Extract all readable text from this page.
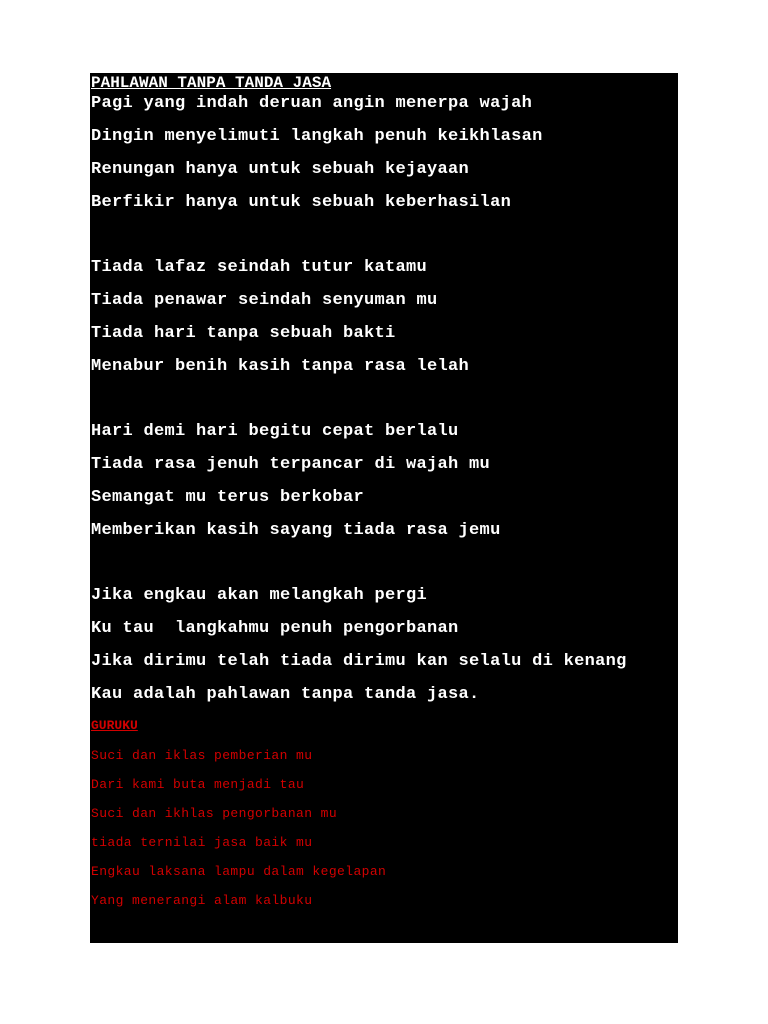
PAHLAWAN TANPA TANDA JASA
Pagi yang indah deruan angin menerpa wajah
Dingin menyelimuti langkah penuh keikhlasan
Renungan hanya untuk sebuah kejayaan
Berfikir hanya untuk sebuah keberhasilan
Tiada lafaz seindah tutur katamu
Tiada penawar seindah senyuman mu
Tiada hari tanpa sebuah bakti
Menabur benih kasih tanpa rasa lelah
Hari demi hari begitu cepat berlalu
Tiada rasa jenuh terpancar di wajah mu
Semangat mu terus berkobar
Memberikan kasih sayang tiada rasa jemu
Jika engkau akan melangkah pergi
Ku tau  langkahmu penuh pengorbanan
Jika dirimu telah tiada dirimu kan selalu di kenang
Kau adalah pahlawan tanpa tanda jasa.
GURUKU
Suci dan iklas pemberian mu
Dari kami buta menjadi tau
Suci dan ikhlas pengorbanan mu
tiada ternilai jasa baik mu
Engkau laksana lampu dalam kegelapan
Yang menerangi alam kalbuku
